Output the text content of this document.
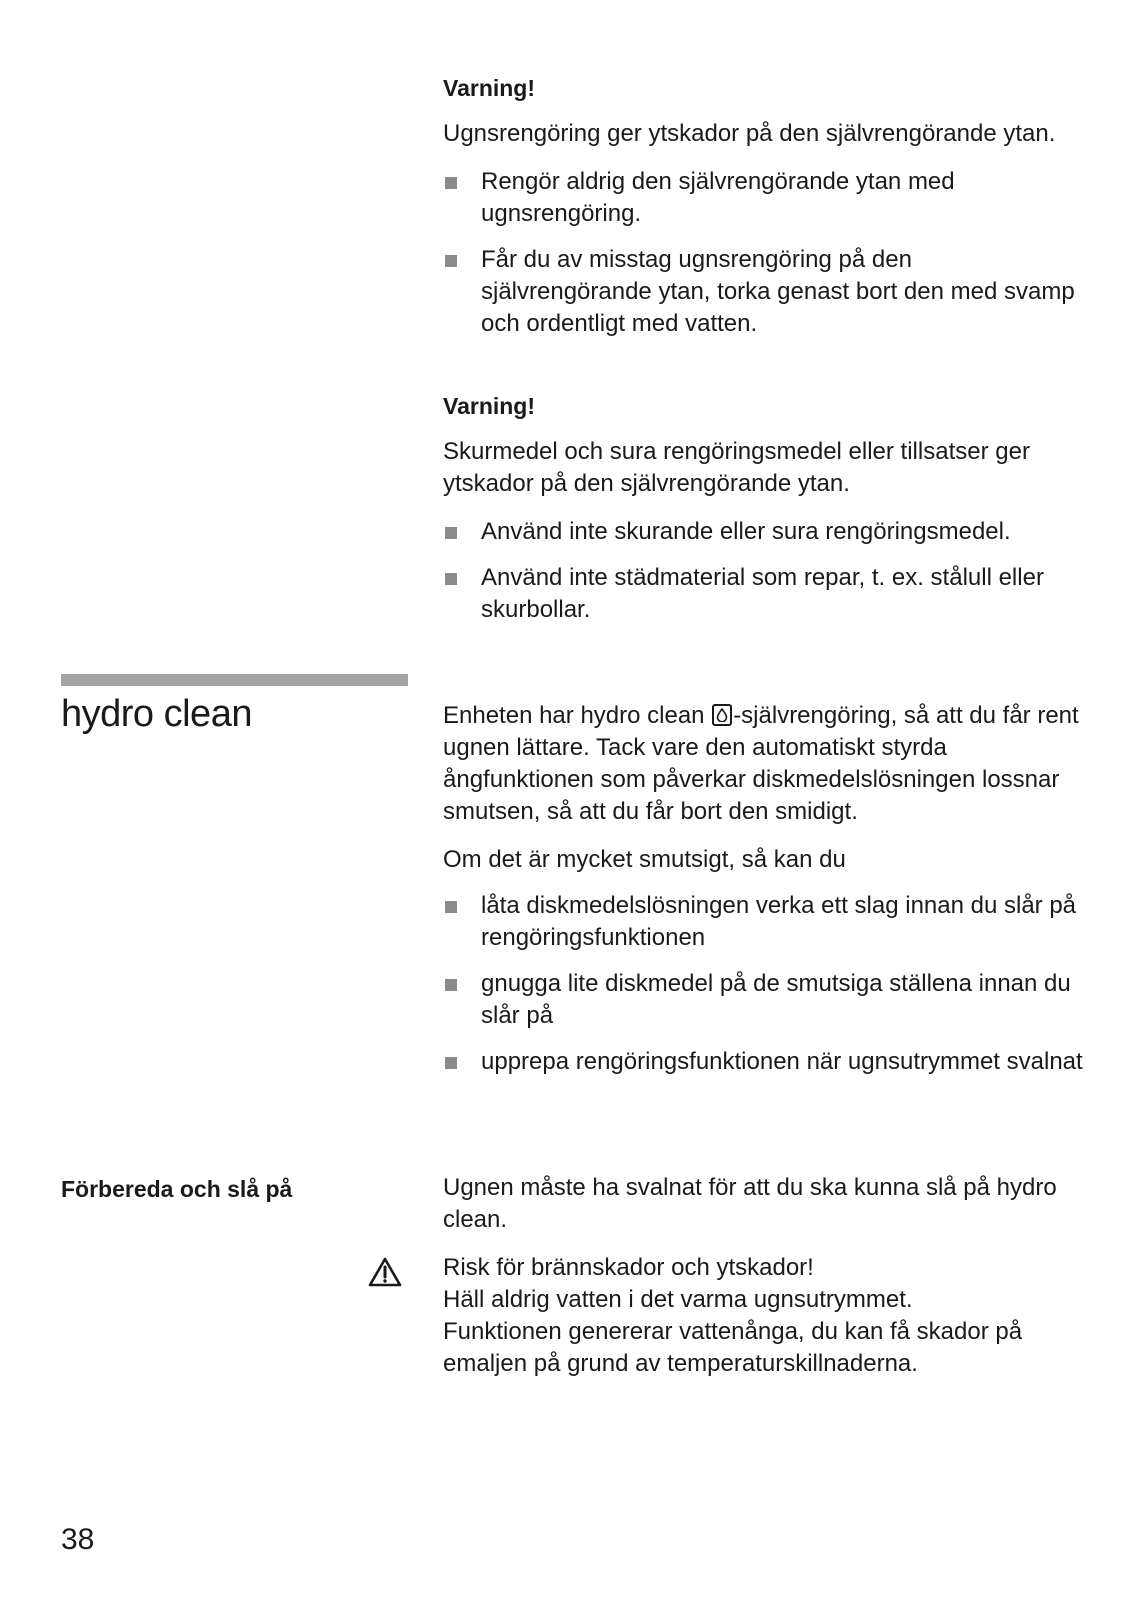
Varning!

Ugnsrengöring ger ytskador på den självrengörande ytan.

Rengör aldrig den självrengörande ytan med ugnsrengöring.
Får du av misstag ugnsrengöring på den självrengörande ytan, torka genast bort den med svamp och ordentligt med vatten.

Varning!

Skurmedel och sura rengöringsmedel eller tillsatser ger ytskador på den självrengörande ytan.

Använd inte skurande eller sura rengöringsmedel.
Använd inte städmaterial som repar, t. ex. stålull eller skurbollar.
hydro clean	Enheten har hydro clean
-självrengöring, så att du får rent ugnen lättare. Tack vare den automatiskt styrda ångfunktionen som påverkar diskmedelslösningen lossnar smutsen, så att du får bort den smidigt.

Om det är mycket smutsigt, så kan du

låta diskmedelslösningen verka ett slag innan du slår på rengöringsfunktionen
gnugga lite diskmedel på de smutsiga ställena innan du slår på
upprepa rengöringsfunktionen när ugnsutrymmet svalnat

Förbereda och slå på	Ugnen måste ha svalnat för att du ska kunna slå på hydro clean.

Risk för brännskador och ytskador!

Häll aldrig vatten i det varma ugnsutrymmet.

Funktionen genererar vattenånga, du kan få skador på emaljen på grund av temperaturskillnaderna.

38
